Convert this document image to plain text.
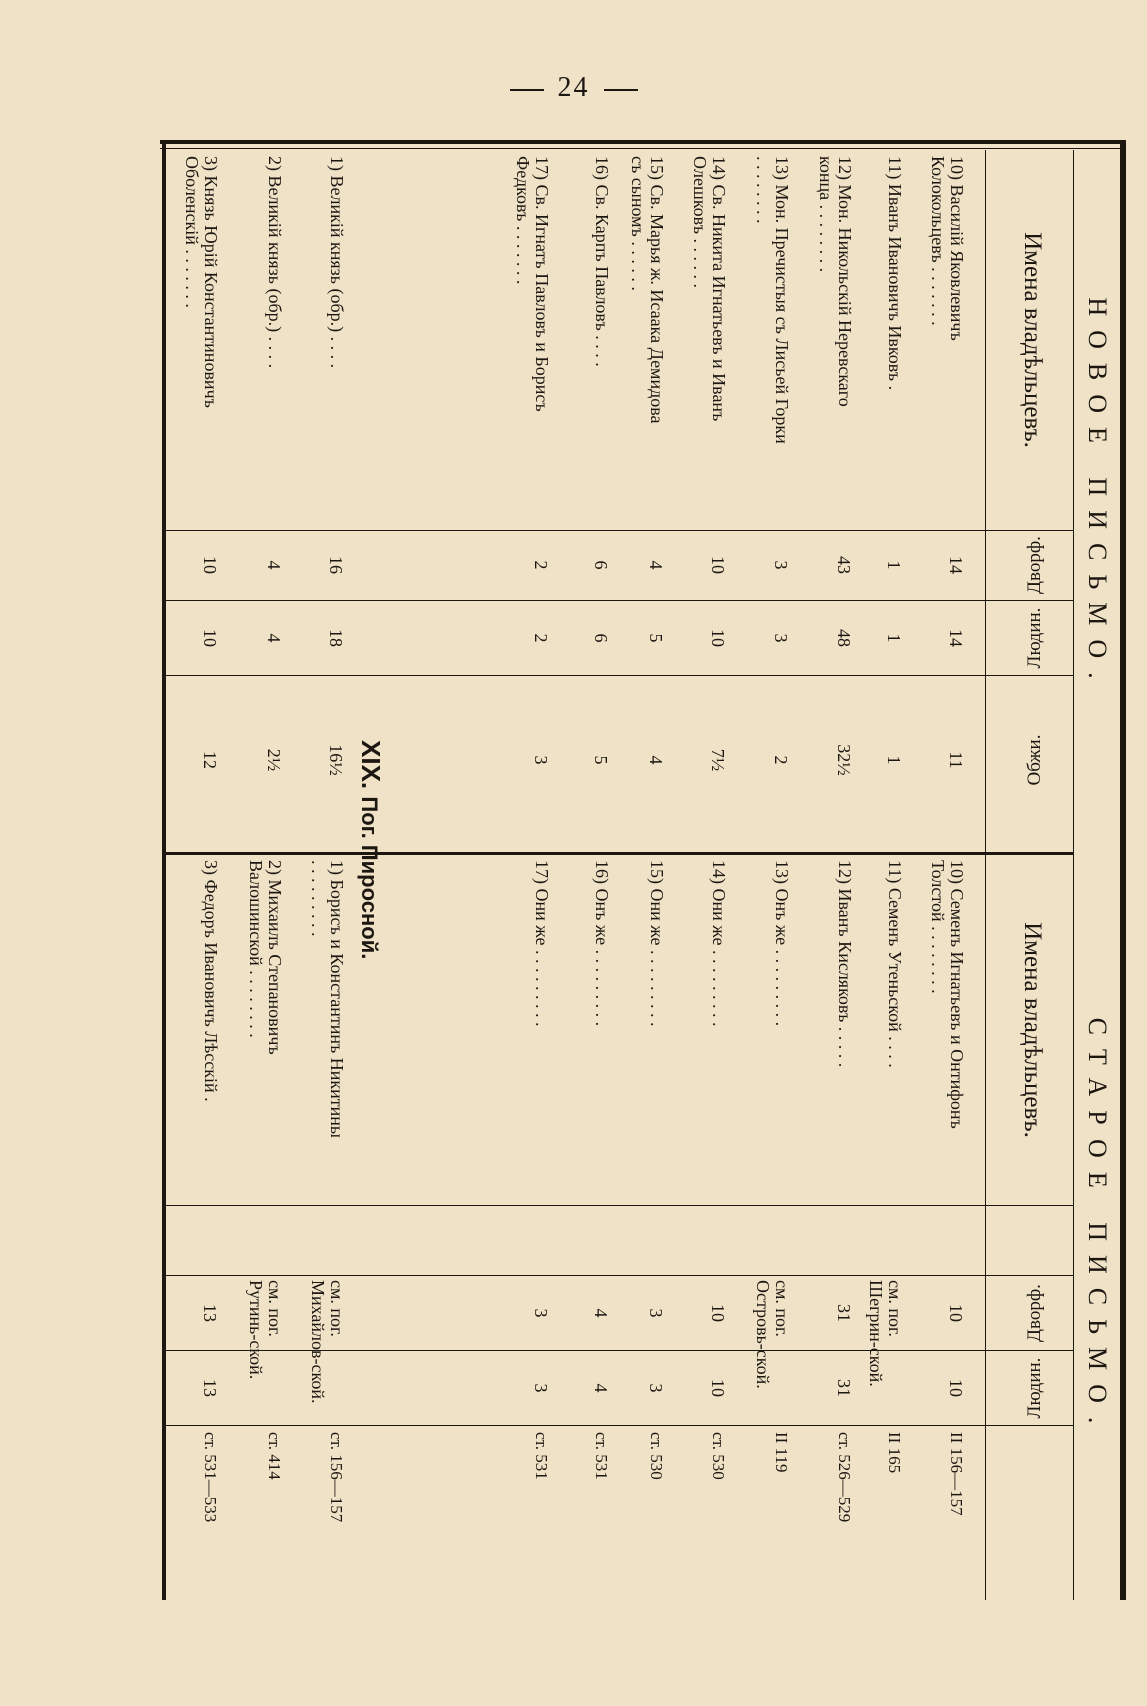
24
НОВОЕ ПИСЬМО.
СТАРОЕ ПИСЬМО.
Имена владѣльцевъ.
Дворф.
Людин.
Обжи.
Имена владѣльцевъ.
Дворф.
Людин.
XIX. Пог. Пиросной.
10) Василiй Яковлевичъ
Колокольцевъ . . . . . . .
14
14
11
10) Семенъ Игнатьевъ и Онтифонъ
Толстой . . . . . . . .
10
10
II 156—157
11) Иванъ Ивановичъ Ивковъ .
1
1
1
11) Семенъ Утеньской . . . .
см. пог.
Шегрин-ской.
II 165
12) Мон. Никольскiй Неревскаго
конца . . . . . . . .
43
48
32½
12) Иванъ Кисляковъ . . . . .
31
31
ст. 526—529
13) Мон. Пречистыя съ Лисьей Горки
. . . . . . . .
3
3
2
13) Онъ же . . . . . . . . .
см. пог.
Островь-ской.
II 119
14) Св. Никита Игнатьевъ и Иванъ
Олешковъ . . . . . .
10
10
7½
14) Они же . . . . . . . . .
10
10
ст. 530
15) Св. Марья ж. Исаака Демидова
съ сыномъ . . . . . .
4
5
4
15) Они же . . . . . . . . .
3
3
ст. 530
16) Св. Карпъ Павловъ . . . .
6
6
5
16) Онъ же . . . . . . . . .
4
4
ст. 531
17) Св. Игнатъ Павловъ и Борисъ
Федковъ . . . . . . .
2
2
3
17) Они же . . . . . . . . .
3
3
ст. 531
1) Великiй князь (обр.) . . . .
16
18
16½
1) Борисъ и Константинъ Никитины
. . . . . . . . .
см. пог.
Михайлов-ской.
ст. 156—157
2) Великiй князь (обр.) . . . .
4
4
2½
2) Михаилъ Степановичъ
Валошинской . . . . . . . .
см. пог.
Рутинь-ской.
ст. 414
3) Князь Юрiй Константиновичъ
Оболенскiй . . . . . . .
10
10
12
3) Федоръ Ивановичъ Лѣсскiй .
13
13
ст. 531—533
